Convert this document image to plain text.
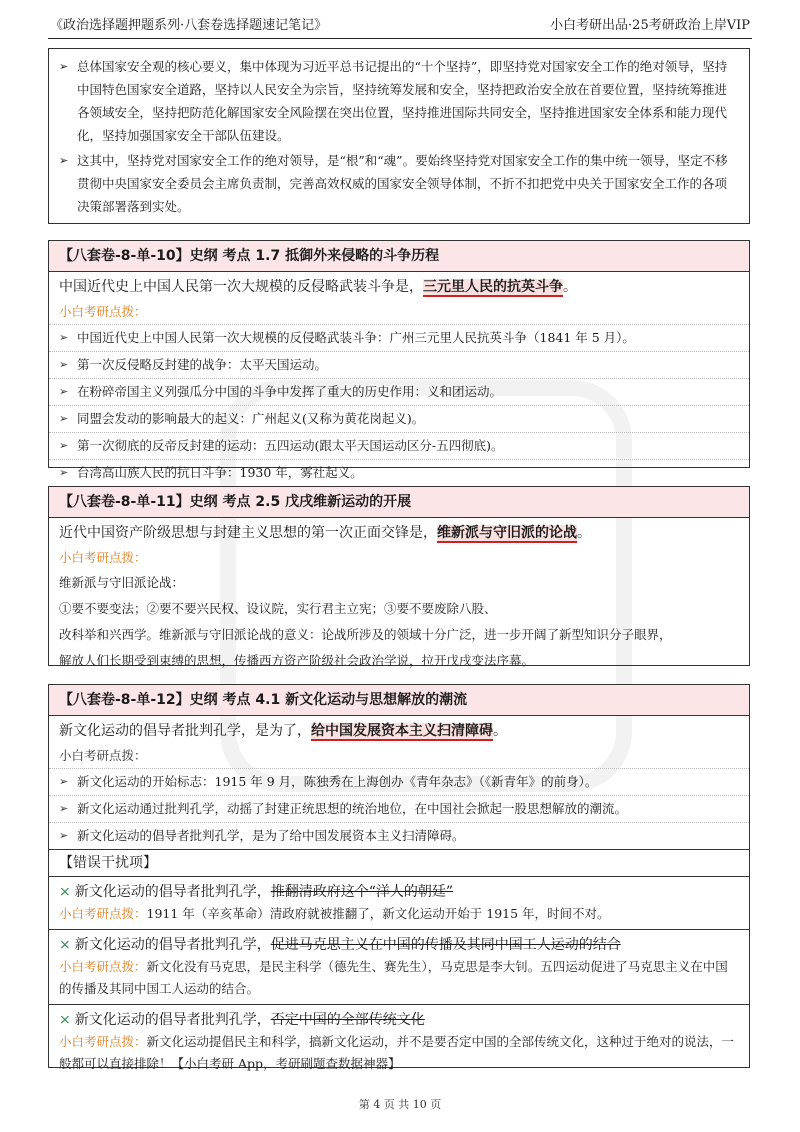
《政治选择题押题系列·八套卷选择题速记笔记》	小白考研出品·25考研政治上岸VIP
➢ 总体国家安全观的核心要义，集中体现为习近平总书记提出的“十个坚持”，即坚持党对国家安全工作的绝对领导，坚持中国特色国家安全道路，坚持以人民安全为宗旨，坚持统筹发展和安全，坚持把政治安全放在首要位置，坚持统筹推进各领域安全，坚持把防范化解国家安全风险摆在突出位置，坚持推进国际共同安全，坚持推进国家安全体系和能力现代化，坚持加强国家安全干部队伍建设。
➢ 这其中，坚持党对国家安全工作的绝对领导，是“根”和“魂”。要始终坚持党对国家安全工作的集中统一领导，坚定不移贯彻中央国家安全委员会主席负责制，完善高效权威的国家安全领导体制，不折不扣把党中央关于国家安全工作的各项决策部署落到实处。
【八套卷-8-单-10】史纲 考点 1.7 抵御外来侵略的斗争历程
中国近代史上中国人民第一次大规模的反侵略武装斗争是，三元里人民的抗英斗争。
小白考研点拨：
➢ 中国近代史上中国人民第一次大规模的反侵略武装斗争：广州三元里人民抗英斗争（1841 年 5 月）。
➢ 第一次反侵略反封建的战争：太平天国运动。
➢ 在粉碎帝国主义列强瓜分中国的斗争中发挥了重大的历史作用：义和团运动。
➢ 同盟会发动的影响最大的起义：广州起义(又称为黄花岗起义)。
➢ 第一次彻底的反帝反封建的运动：五四运动(跟太平天国运动区分-五四彻底)。
➢ 台湾高山族人民的抗日斗争：1930 年，雾社起义。
【八套卷-8-单-11】史纲 考点 2.5 戊戌维新运动的开展
近代中国资产阶级思想与封建主义思想的第一次正面交锋是，维新派与守旧派的论战。
小白考研点拨：
维新派与守旧派论战：
①要不要变法；②要不要兴民权、设议院，实行君主立宪；③要不要废除八股、
改科举和兴西学。维新派与守旧派论战的意义：论战所涉及的领域十分广泛，进一步开阔了新型知识分子眼界，
解放人们长期受到束缚的思想，传播西方资产阶级社会政治学说，拉开戊戌变法序幕。
【八套卷-8-单-12】史纲 考点 4.1 新文化运动与思想解放的潮流
新文化运动的倡导者批判孔学，是为了，给中国发展资本主义扫清障碍。
小白考研点拨：
➢ 新文化运动的开始标志：1915 年 9 月，陈独秀在上海创办《青年杂志》（《新青年》的前身）。
➢ 新文化运动通过批判孔学，动摇了封建正统思想的统治地位，在中国社会掀起一股思想解放的潮流。
➢ 新文化运动的倡导者批判孔学，是为了给中国发展资本主义扫清障碍。
【错误干扰项】
× 新文化运动的倡导者批判孔学，推翻清政府这个“洋人的朝廷”
小白考研点拨：1911 年（辛亥革命）清政府就被推翻了，新文化运动开始于 1915 年，时间不对。
× 新文化运动的倡导者批判孔学，促进马克思主义在中国的传播及其同中国工人运动的结合
小白考研点拨：新文化没有马克思，是民主科学（德先生、赛先生），马克思是李大钊。五四运动促进了马克思主义在中国的传播及其同中国工人运动的结合。
× 新文化运动的倡导者批判孔学，否定中国的全部传统文化
小白考研点拨：新文化运动提倡民主和科学，搞新文化运动，并不是要否定中国的全部传统文化，这种过于绝对的说法，一般都可以直接排除！【小白考研 App，考研刷题查数据神器】
第 4 页 共 10 页
